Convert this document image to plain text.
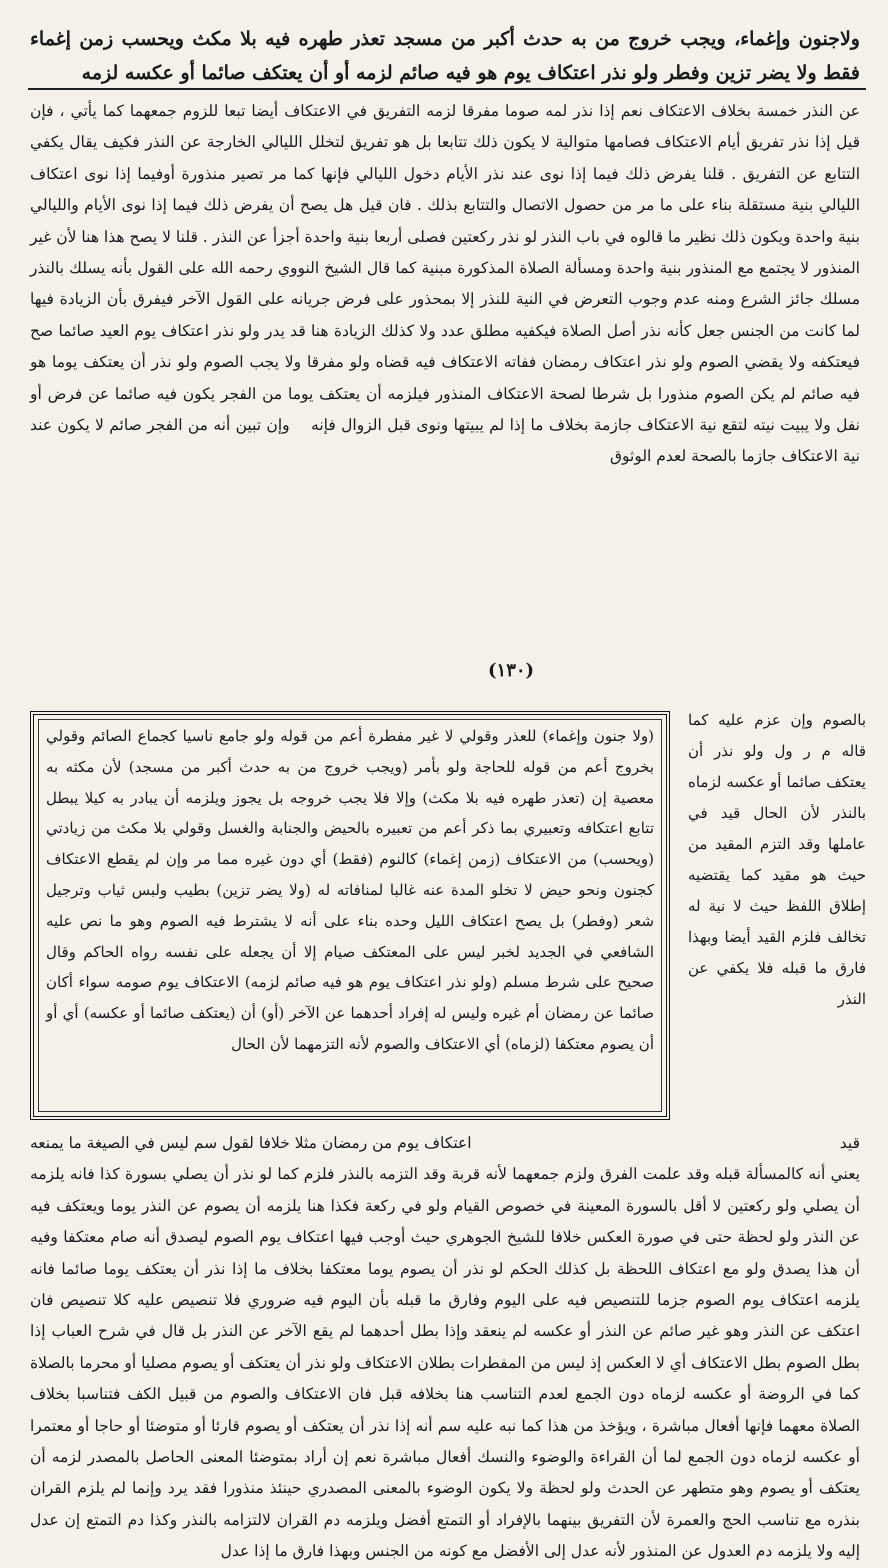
ولاجنون وإغماء، ويجب خروج من به حدث أكبر من مسجد تعذر طهره فيه بلا مكث ويحسب زمن إغماء فقط ولا يضر تزين وفطر ولو نذر اعتكاف يوم هو فيه صائم لزمه أو أن يعتكف صائما أو عكسه لزمه
عن النذر خمسة بخلاف الاعتكاف نعم إذا نذر لمه صوما مفرقا لزمه التفريق في الاعتكاف أيضا تبعا للزوم جمعهما كما يأتي ، فإن قيل إذا نذر تفريق أيام الاعتكاف فصامها متوالية لا يكون ذلك تتابعا بل هو تفريق لتخلل الليالي الخارجة عن النذر فكيف يقال يكفي التتابع عن التفريق . قلنا يفرض ذلك فيما إذا نوى عند نذر الأيام دخول الليالي فإنها كما مر تصير منذورة أوفيما إذا نوى اعتكاف الليالي بنية مستقلة بناء على ما مر من حصول الاتصال والتتابع بذلك . فان قيل هل يصح أن يفرض ذلك فيما إذا نوى الأيام والليالي بنية واحدة ويكون ذلك نظير ما قالوه في باب النذر لو نذر ركعتين فصلى أربعا بنية واحدة أجزأ عن النذر . قلنا لا يصح هذا هنا لأن غير المنذور لا يجتمع مع المنذور بنية واحدة ومسألة الصلاة المذكورة مبنية كما قال الشيخ النووي رحمه الله على القول بأنه يسلك بالنذر مسلك جائز الشرع ومنه عدم وجوب التعرض في النية للنذر إلا بمحذور على فرض جريانه على القول الآخر فيفرق بأن الزيادة فيها لما كانت من الجنس جعل كأنه نذر أصل الصلاة فيكفيه مطلق عدد ولا كذلك الزيادة هنا قد يدر ولو نذر اعتكاف يوم العيد صائما صح فيعتكفه ولا يقضي الصوم ولو نذر اعتكاف رمضان ففاته الاعتكاف فيه قضاه ولو مفرقا ولا يجب الصوم ولو نذر أن يعتكف يوما هو فيه صائم لم يكن الصوم منذورا بل شرطا لصحة الاعتكاف المنذور فيلزمه أن يعتكف يوما من الفجر يكون فيه صائما عن فرض أو نفل ولا يبيت نيته لتقع نية الاعتكاف جازمة بخلاف ما إذا لم يبيتها ونوى قبل الزوال فإنه    وإن تبين أنه من الفجر صائم لا يكون عند نية الاعتكاف جازما بالصحة لعدم الوثوق
(١٣٠)
بالصوم وإن عزم عليه كما قاله م ر ول ولو نذر أن يعتكف صائما أو عكسه لزماه بالنذر لأن الحال قيد في عاملها وقد التزم المقيد من حيث هو مقيد كما يقتضيه إطلاق اللفظ حيث لا نية له تخالف فلزم القيد أيضا وبهذا فارق ما قبله فلا يكفي عن النذر
(ولا جنون وإغماء) للعذر وقولي لا غير مفطرة أعم من قوله ولو جامع ناسيا كجماع الصائم وقولي بخروج أعم من قوله للحاجة ولو بأمر (ويجب خروج من به حدث أكبر من مسجد) لأن مكثه به معصية إن (تعذر طهره فيه بلا مكث) وإلا فلا يجب خروجه بل يجوز ويلزمه أن يبادر به كيلا يبطل تتابع اعتكافه وتعبيري بما ذكر أعم من تعبيره بالحيض والجنابة والغسل وقولي بلا مكث من زيادتي (ويحسب) من الاعتكاف (زمن إغماء) كالنوم (فقط) أي دون غيره مما مر وإن لم يقطع الاعتكاف كجنون ونحو حيض لا تخلو المدة عنه غالبا لمنافاته له (ولا يضر تزين) بطيب ولبس ثياب وترجيل شعر (وفطر) بل يصح اعتكاف الليل وحده بناء على أنه لا يشترط فيه الصوم وهو ما نص عليه الشافعي في الجديد لخبر ليس على المعتكف صيام إلا أن يجعله على نفسه رواه الحاكم وقال صحيح على شرط مسلم (ولو نذر اعتكاف يوم هو فيه صائم لزمه) الاعتكاف يوم صومه سواء أكان صائما عن رمضان أم غيره وليس له إفراد أحدهما عن الآخر (أو) أن (يعتكف صائما أو عكسه) أي أو أن يصوم معتكفا (لزماه) أي الاعتكاف والصوم لأنه التزمهما لأن الحال
قيد
اعتكاف يوم من رمضان مثلا خلافا لقول سم ليس في الصيغة ما يمنعه
يعني أنه كالمسألة قبله وقد علمت الفرق ولزم جمعهما لأنه قربة وقد التزمه بالنذر فلزم كما لو نذر أن يصلي بسورة كذا فانه يلزمه أن يصلي ولو ركعتين لا أقل بالسورة المعينة في خصوص القيام ولو في ركعة فكذا هنا يلزمه أن يصوم عن النذر يوما ويعتكف فيه عن النذر ولو لحظة حتى في صورة العكس خلافا للشيخ الجوهري حيث أوجب فيها اعتكاف يوم الصوم ليصدق أنه صام معتكفا وفيه أن هذا يصدق ولو مع اعتكاف اللحظة بل كذلك الحكم لو نذر أن يصوم يوما معتكفا بخلاف ما إذا نذر أن يعتكف يوما صائما فانه يلزمه اعتكاف يوم الصوم جزما للتنصيص فيه على اليوم وفارق ما قبله بأن اليوم فيه ضروري فلا تنصيص عليه كلا تنصيص فان اعتكف عن النذر وهو غير صائم عن النذر أو عكسه لم ينعقد وإذا بطل أحدهما لم يقع الآخر عن النذر بل قال في شرح العباب إذا بطل الصوم بطل الاعتكاف أي لا العكس إذ ليس من المفطرات بطلان الاعتكاف ولو نذر أن يعتكف أو يصوم مصليا أو محرما بالصلاة كما في الروضة أو عكسه لزماه دون الجمع لعدم التناسب هنا بخلافه قبل فان الاعتكاف والصوم من قبيل الكف فتناسبا بخلاف الصلاة معهما فإنها أفعال مباشرة ، ويؤخذ من هذا كما نبه عليه سم أنه إذا نذر أن يعتكف أو يصوم قارئا أو متوضئا أو حاجا أو معتمرا أو عكسه لزماه دون الجمع لما أن القراءة والوضوء والنسك أفعال مباشرة نعم إن أراد بمتوضئا المعنى الحاصل بالمصدر لزمه أن يعتكف أو يصوم وهو متطهر عن الحدث ولو لحظة ولا يكون الوضوء بالمعنى المصدري حينئذ منذورا فقد يرد وإنما لم يلزم القران بنذره مع تناسب الحج والعمرة لأن التفريق بينهما بالإفراد أو التمتع أفضل ويلزمه دم القران لالتزامه بالنذر وكذا دم التمتع إن عدل إليه ولا يلزمه دم العدول عن المنذور لأنه عدل إلى الأفضل مع كونه من الجنس وبهذا فارق ما إذا عدل
